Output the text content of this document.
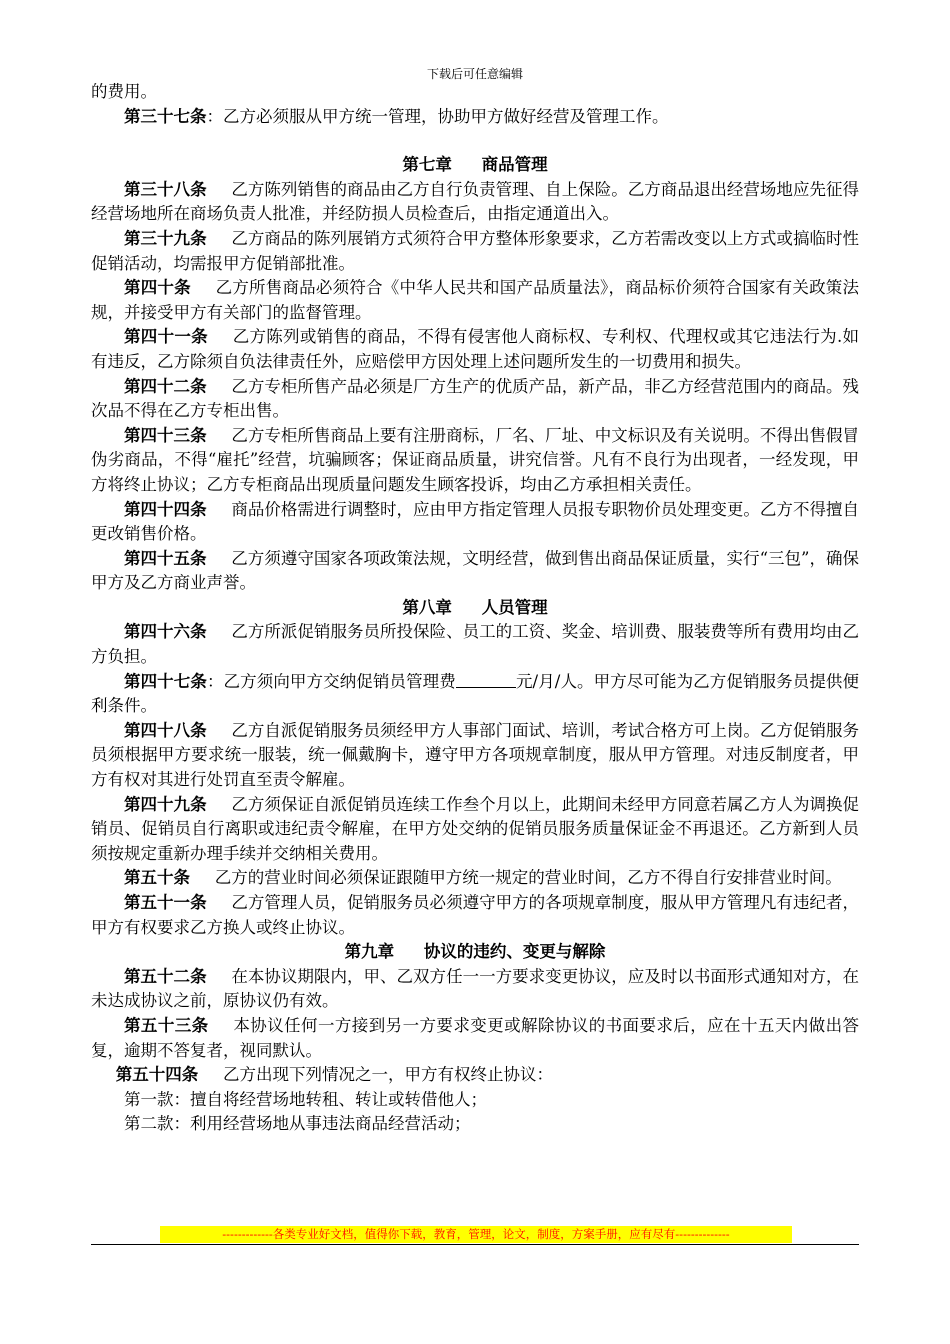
下载后可任意编辑

的费用。

第三十七条：乙方必须服从甲方统一管理，协助甲方做好经营及管理工作。

第七章 商品管理

第三十八条 乙方陈列销售的商品由乙方自行负责管理、自上保险。乙方商品退出经营场地应先征得经营场地所在商场负责人批准，并经防损人员检查后，由指定通道出入。

第三十九条 乙方商品的陈列展销方式须符合甲方整体形象要求，乙方若需改变以上方式或搞临时性促销活动，均需报甲方促销部批准。

第四十条 乙方所售商品必须符合《中华人民共和国产品质量法》，商品标价须符合国家有关政策法规，并接受甲方有关部门的监督管理。

第四十一条 乙方陈列或销售的商品，不得有侵害他人商标权、专利权、代理权或其它违法行为.如有违反，乙方除须自负法律责任外，应赔偿甲方因处理上述问题所发生的一切费用和损失。

第四十二条 乙方专柜所售产品必须是厂方生产的优质产品，新产品，非乙方经营范围内的商品。残次品不得在乙方专柜出售。

第四十三条 乙方专柜所售商品上要有注册商标，厂名、厂址、中文标识及有关说明。不得出售假冒伪劣商品，不得“雇托”经营，坑骗顾客；保证商品质量，讲究信誉。凡有不良行为出现者，一经发现，甲方将终止协议；乙方专柜商品出现质量问题发生顾客投诉，均由乙方承担相关责任。

第四十四条 商品价格需进行调整时，应由甲方指定管理人员报专职物价员处理变更。乙方不得擅自更改销售价格。

第四十五条 乙方须遵守国家各项政策法规，文明经营，做到售出商品保证质量，实行“三包”，确保甲方及乙方商业声誉。

第八章 人员管理

第四十六条 乙方所派促销服务员所投保险、员工的工资、奖金、培训费、服装费等所有费用均由乙方负担。

第四十七条：乙方须向甲方交纳促销员管理费	元/月/人。甲方尽可能为乙方促销服务员提供便利条件。

第四十八条 乙方自派促销服务员须经甲方人事部门面试、培训，考试合格方可上岗。乙方促销服务员须根据甲方要求统一服装，统一佩戴胸卡，遵守甲方各项规章制度，服从甲方管理。对违反制度者，甲方有权对其进行处罚直至责令解雇。

第四十九条 乙方须保证自派促销员连续工作叁个月以上，此期间未经甲方同意若属乙方人为调换促销员、促销员自行离职或违纪责令解雇，在甲方处交纳的促销员服务质量保证金不再退还。乙方新到人员须按规定重新办理手续并交纳相关费用。

第五十条 乙方的营业时间必须保证跟随甲方统一规定的营业时间，乙方不得自行安排营业时间。

第五十一条 乙方管理人员，促销服务员必须遵守甲方的各项规章制度，服从甲方管理凡有违纪者，甲方有权要求乙方换人或终止协议。

第九章 协议的违约、变更与解除

第五十二条 在本协议期限内，甲、乙双方任一一方要求变更协议，应及时以书面形式通知对方，在未达成协议之前，原协议仍有效。

第五十三条 本协议任何一方接到另一方要求变更或解除协议的书面要求后，应在十五天内做出答复，逾期不答复者，视同默认。

第五十四条 乙方出现下列情况之一，甲方有权终止协议：

第一款：擅自将经营场地转租、转让或转借他人；

第二款：利用经营场地从事违法商品经营活动；

-------------各类专业好文档，值得你下载，教育，管理，论文，制度，方案手册，应有尽有--------------
